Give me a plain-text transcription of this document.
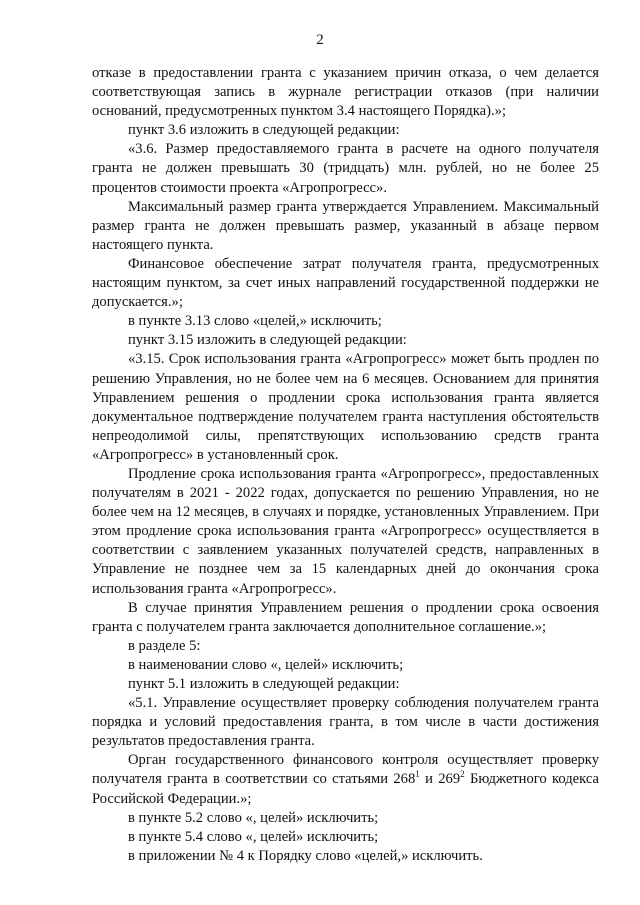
2

отказе в предоставлении гранта с указанием причин отказа, о чем делается соответствующая запись в журнале регистрации отказов (при наличии оснований, предусмотренных пунктом 3.4 настоящего Порядка).»;

пункт 3.6 изложить в следующей редакции:

«3.6. Размер предоставляемого гранта в расчете на одного получателя гранта не должен превышать 30 (тридцать) млн. рублей, но не более 25 процентов стоимости проекта «Агропрогресс».

Максимальный размер гранта утверждается Управлением. Максимальный размер гранта не должен превышать размер, указанный в абзаце первом настоящего пункта.

Финансовое обеспечение затрат получателя гранта, предусмотренных настоящим пунктом, за счет иных направлений государственной поддержки не допускается.»;

в пункте 3.13 слово «целей,» исключить;

пункт 3.15 изложить в следующей редакции:

«3.15. Срок использования гранта «Агропрогресс» может быть продлен по решению Управления, но не более чем на 6 месяцев. Основанием для принятия Управлением решения о продлении срока использования гранта является документальное подтверждение получателем гранта наступления обстоятельств непреодолимой силы, препятствующих использованию средств гранта «Агропрогресс» в установленный срок.

Продление срока использования гранта «Агропрогресс», предоставленных получателям в 2021 - 2022 годах, допускается по решению Управления, но не более чем на 12 месяцев, в случаях и порядке, установленных Управлением. При этом продление срока использования гранта «Агропрогресс» осуществляется в соответствии с заявлением указанных получателей средств, направленных в Управление не позднее чем за 15 календарных дней до окончания срока использования гранта «Агропрогресс».

В случае принятия Управлением решения о продлении срока освоения гранта с получателем гранта заключается дополнительное соглашение.»;

в разделе 5:

в наименовании слово «, целей» исключить;

пункт 5.1 изложить в следующей редакции:

«5.1. Управление осуществляет проверку соблюдения получателем гранта порядка и условий предоставления гранта, в том числе в части достижения результатов предоставления гранта.

Орган государственного финансового контроля осуществляет проверку получателя гранта в соответствии со статьями $268^1$ и $269^2$ Бюджетного кодекса Российской Федерации.»;

в пункте 5.2 слово «, целей» исключить;

в пункте 5.4 слово «, целей» исключить;

в приложении № 4 к Порядку слово «целей,» исключить.
